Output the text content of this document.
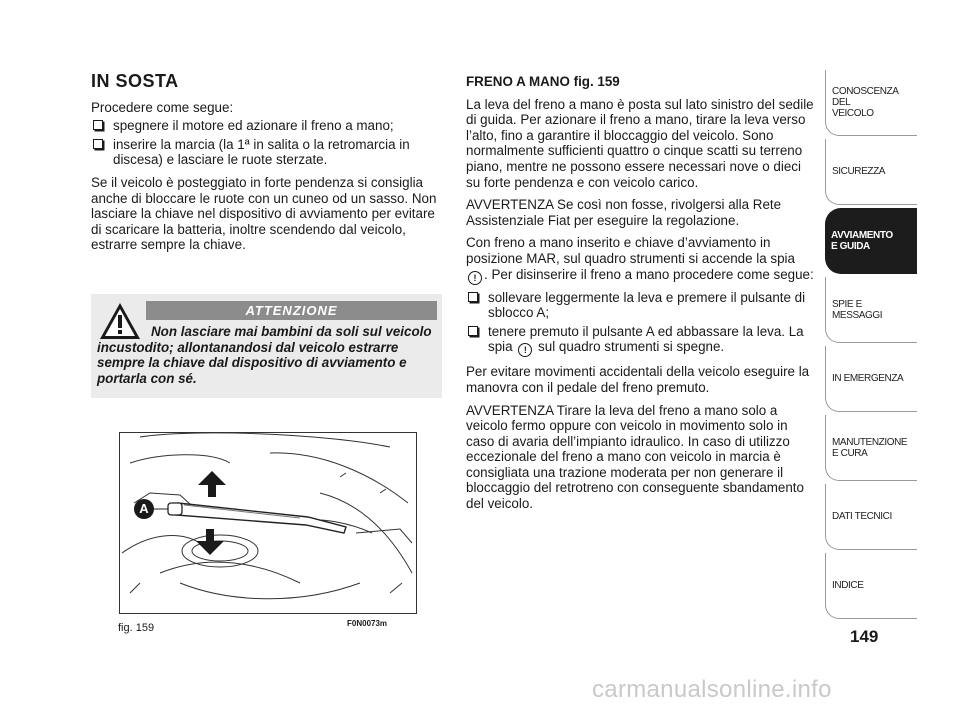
IN SOSTA

Procedere come segue:

spegnere il motore ed azionare il freno a mano;
inserire la marcia (la 1ª in salita o la retromarcia in discesa) e lasciare le ruote sterzate.

Se il veicolo è posteggiato in forte pendenza si consiglia anche di bloccare le ruote con un cuneo od un sasso. Non lasciare la chiave nel dispositivo di avviamento per evitare di scaricare la batteria, inoltre scendendo dal veicolo, estrarre sempre la chiave.

ATTENZIONE
Non lasciare mai bambini da soli sul veicolo incustodito; allontanandosi dal veicolo estrarre sempre la chiave dal dispositivo di avviamento e portarla con sé.
A
fig. 159	F0N0073m

FRENO A MANO fig. 159

La leva del freno a mano è posta sul lato sinistro del sedile di guida. Per azionare il freno a mano, tirare la leva verso l’alto, fino a garantire il bloccaggio del veicolo. Sono normalmente sufficienti quattro o cinque scatti su terreno piano, mentre ne possono essere necessari nove o dieci su forte pendenza e con veicolo carico.

AVVERTENZA Se così non fosse, rivolgersi alla Rete Assistenziale Fiat per eseguire la regolazione.

Con freno a mano inserito e chiave d’avviamento in posizione MAR, sul quadro strumenti si accende la spia ! . Per disinserire il freno a mano procedere come segue:

sollevare leggermente la leva e premere il pulsante di sblocco A;
tenere premuto il pulsante A ed abbassare la leva. La spia ! sul quadro strumenti si spegne.

Per evitare movimenti accidentali della veicolo eseguire la manovra con il pedale del freno premuto.

AVVERTENZA Tirare la leva del freno a mano solo a veicolo fermo oppure con veicolo in movimento solo in caso di avaria dell’impianto idraulico. In caso di utilizzo eccezionale del freno a mano con veicolo in marcia è consigliata una trazione moderata per non generare il bloccaggio del retrotreno con conseguente sbandamento del veicolo.

CONOSCENZA DEL VEICOLO
SICUREZZA
AVVIAMENTO E GUIDA
SPIE E MESSAGGI
IN EMERGENZA
MANUTENZIONE E CURA
DATI TECNICI
INDICE
149
carmanualsonline.info
